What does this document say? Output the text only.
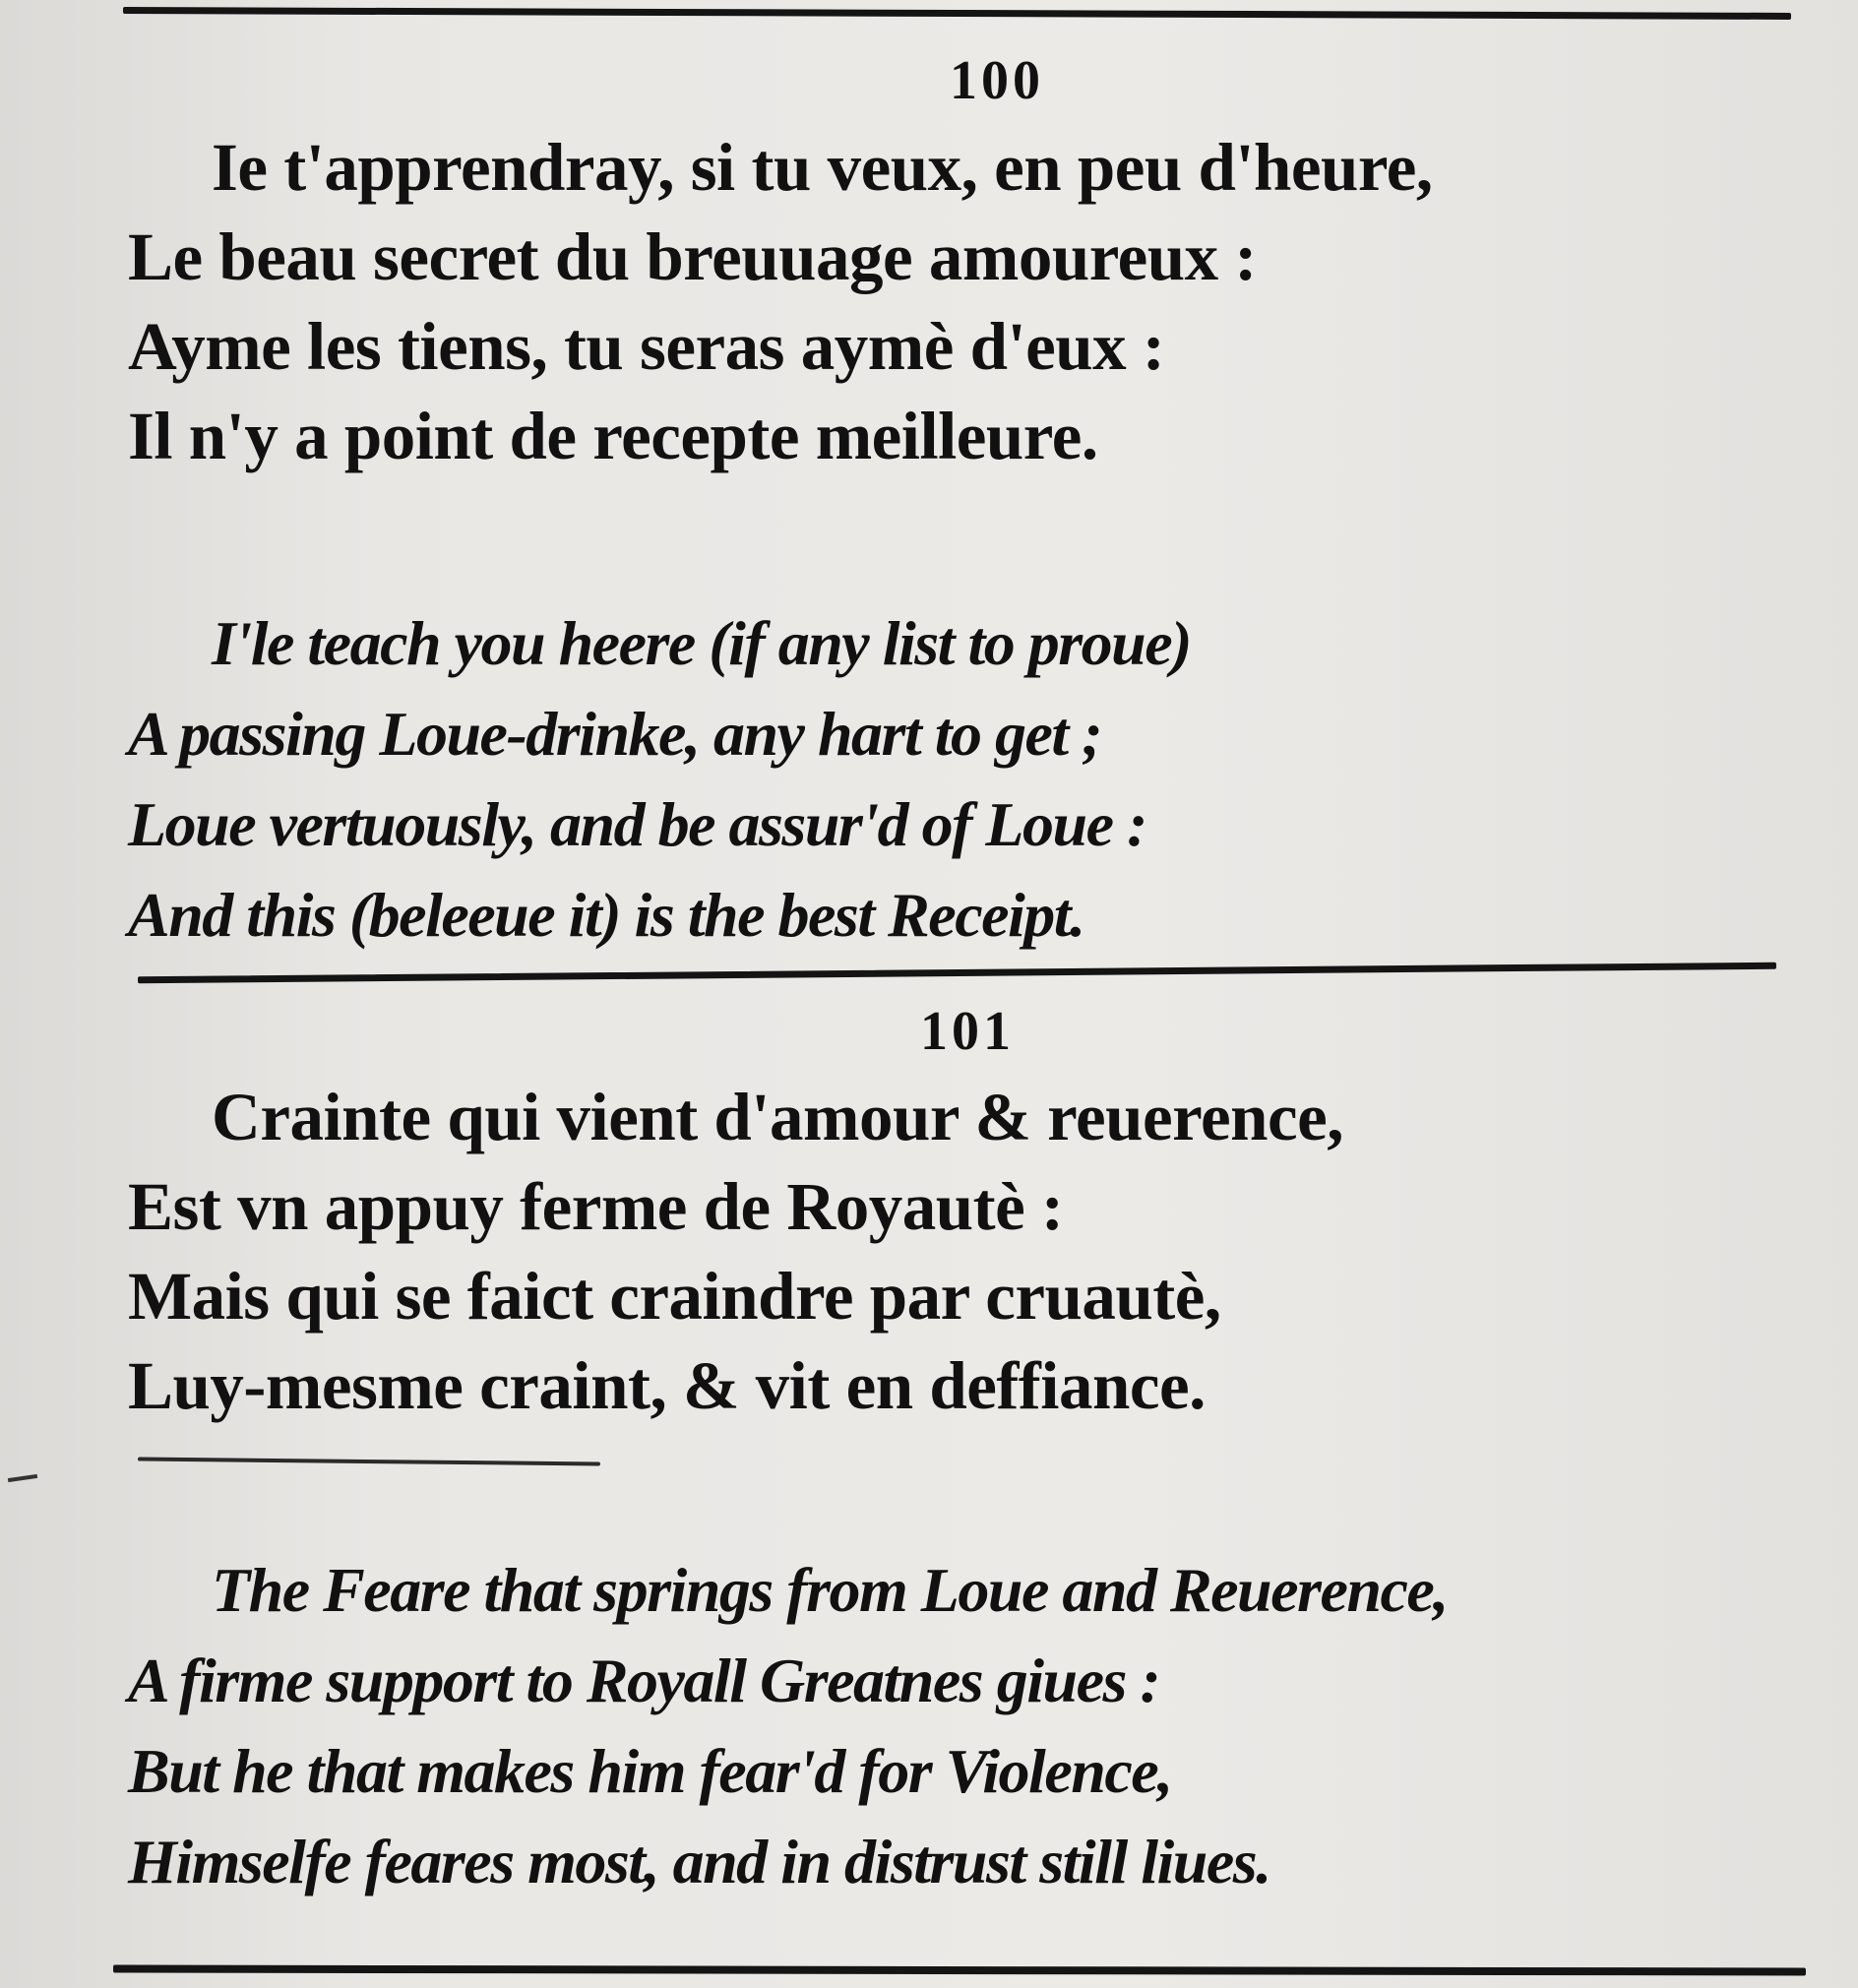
100
Ie t'apprendray, si tu veux, en peu d'heure,
Le beau secret du breuuage amoureux :
Ayme les tiens, tu seras aymè d'eux :
Il n'y a point de recepte meilleure.
I'le teach you heere (if any list to proue)
A passing Loue-drinke, any hart to get ;
Loue vertuously, and be assur'd of Loue :
And this (beleeue it) is the best Receipt.
101
Crainte qui vient d'amour & reuerence,
Est vn appuy ferme de Royautè :
Mais qui se faict craindre par cruautè,
Luy-mesme craint, & vit en deffiance.
The Feare that springs from Loue and Reuerence,
A firme support to Royall Greatnes giues :
But he that makes him fear'd for Violence,
Himselfe feares most, and in distrust still liues.
